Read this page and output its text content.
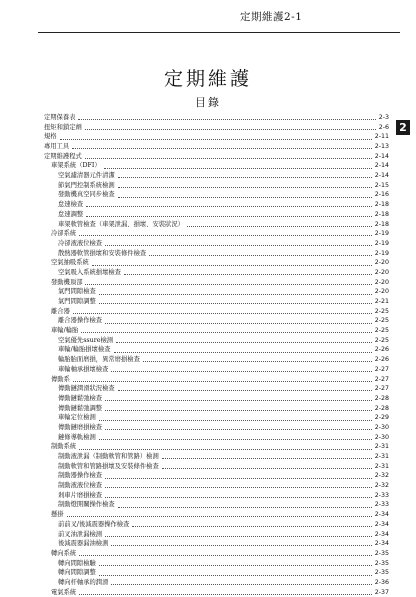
定期維護2-1
定期維護
目錄
2
定期保養表	2-3
扭矩和鎖定劑	2-6
規格	2-11
專用工具	2-13
定期維護程式	2-14
車架系統（DFI）	2-14
空氣濾清器元件清潔	2-14
節氣門控制系統檢測	2-15
發動機真空同步檢查	2-16
怠速檢查	2-18
怠速調整	2-18
車架軟管檢查（車架泄漏、損壞、安裝狀況）	2-18
冷卻系統	2-19
冷卻液液位檢查	2-19
散熱器軟管損壞和安裝條件檢查	2-19
空氣抽吸系統	2-20
空氣吸入系統損壞檢查	2-20
發動機頂部	2-20
氣門間隙檢查	2-20
氣門間隙調整	2-21
離合器	2-25
離合器操作檢查	2-25
車輪/輪胎	2-25
空氣優先ssure檢測	2-25
車輪/輪胎損壞檢查	2-26
輪胎胎面磨損，異常磨損檢查	2-26
車輪軸承損壞檢查	2-27
傳動系	2-27
傳動鏈潤滑狀況檢查	2-27
傳動鏈鬆弛檢查	2-28
傳動鏈鬆弛調整	2-28
車輪定位檢測	2-29
傳動鏈磨損檢查	2-30
鏈條導軌檢測	2-30
制動系統	2-31
制動液泄漏（制動軟管和管路）檢測	2-31
制動軟管和管路損壞及安裝條件檢查	2-31
制動器操作檢查	2-32
制動液液位檢查	2-32
剎車片磨損檢查	2-33
制動燈開關操作檢查	2-33
懸掛	2-34
前前叉/後減震器操作檢查	2-34
前叉油泄漏檢測	2-34
後減震器漏油檢測	2-34
轉向系統	2-35
轉向間隙檢驗	2-35
轉向間隙調整	2-35
轉向杆軸承的潤滑	2-36
電氣系統	2-37
